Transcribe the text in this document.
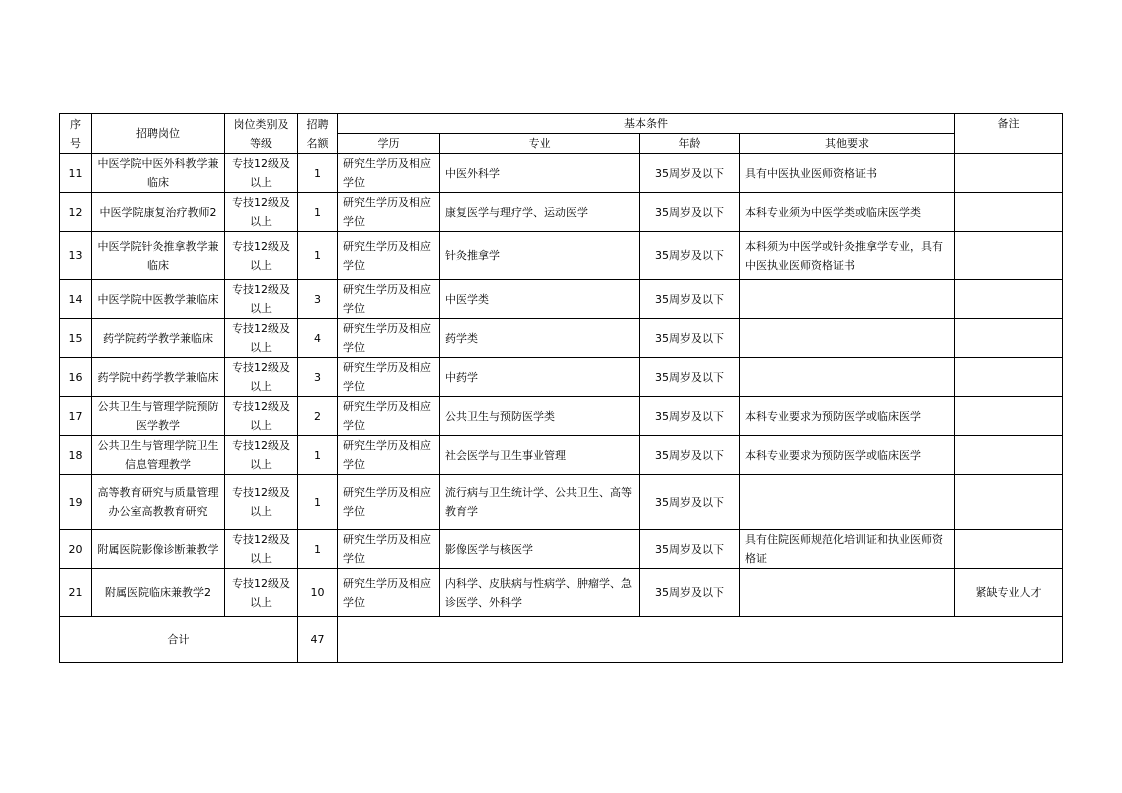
序号	招聘岗位	岗位类别及等级	招聘名额	基本条件				备注
				学历	专业	年龄	其他要求	
11	中医学院中医外科教学兼临床	专技12级及以上	1	研究生学历及相应学位	中医外科学	35周岁及以下	具有中医执业医师资格证书	
12	中医学院康复治疗教师2	专技12级及以上	1	研究生学历及相应学位	康复医学与理疗学、运动医学	35周岁及以下	本科专业须为中医学类或临床医学类	
13	中医学院针灸推拿教学兼临床	专技12级及以上	1	研究生学历及相应学位	针灸推拿学	35周岁及以下	本科须为中医学或针灸推拿学专业，具有中医执业医师资格证书	
14	中医学院中医教学兼临床	专技12级及以上	3	研究生学历及相应学位	中医学类	35周岁及以下		
15	药学院药学教学兼临床	专技12级及以上	4	研究生学历及相应学位	药学类	35周岁及以下		
16	药学院中药学教学兼临床	专技12级及以上	3	研究生学历及相应学位	中药学	35周岁及以下		
17	公共卫生与管理学院预防医学教学	专技12级及以上	2	研究生学历及相应学位	公共卫生与预防医学类	35周岁及以下	本科专业要求为预防医学或临床医学	
18	公共卫生与管理学院卫生信息管理教学	专技12级及以上	1	研究生学历及相应学位	社会医学与卫生事业管理	35周岁及以下	本科专业要求为预防医学或临床医学	
19	高等教育研究与质量管理办公室高教教育研究	专技12级及以上	1	研究生学历及相应学位	流行病与卫生统计学、公共卫生、高等教育学	35周岁及以下		
20	附属医院影像诊断兼教学	专技12级及以上	1	研究生学历及相应学位	影像医学与核医学	35周岁及以下	具有住院医师规范化培训证和执业医师资格证	
21	附属医院临床兼教学2	专技12级及以上	10	研究生学历及相应学位	内科学、皮肤病与性病学、肿瘤学、急诊医学、外科学	35周岁及以下		紧缺专业人才
合计			47					
